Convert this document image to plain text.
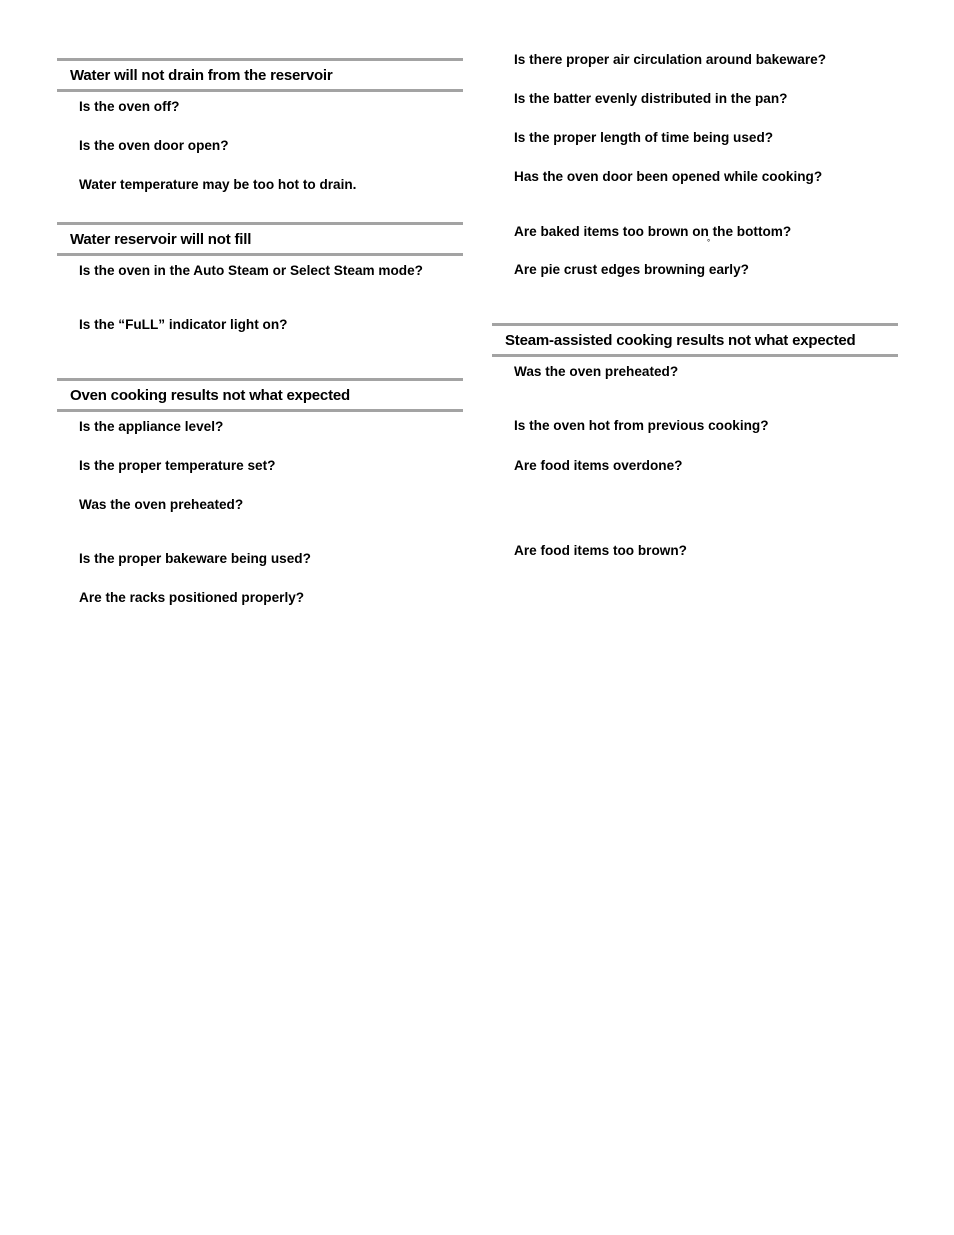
Water will not drain from the reservoir
Is the oven off?
Is the oven door open?
Water temperature may be too hot to drain.
Water reservoir will not fill
Is the oven in the Auto Steam or Select Steam mode?
Is the “FuLL” indicator light on?
Oven cooking results not what expected
Is the appliance level?
Is the proper temperature set?
Was the oven preheated?
Is the proper bakeware being used?
Are the racks positioned properly?
Is there proper air circulation around bakeware?
Is the batter evenly distributed in the pan?
Is the proper length of time being used?
Has the oven door been opened while cooking?
Are baked items too brown on the bottom?
°
Are pie crust edges browning early?
Steam-assisted cooking results not what expected
Was the oven preheated?
Is the oven hot from previous cooking?
Are food items overdone?
Are food items too brown?
